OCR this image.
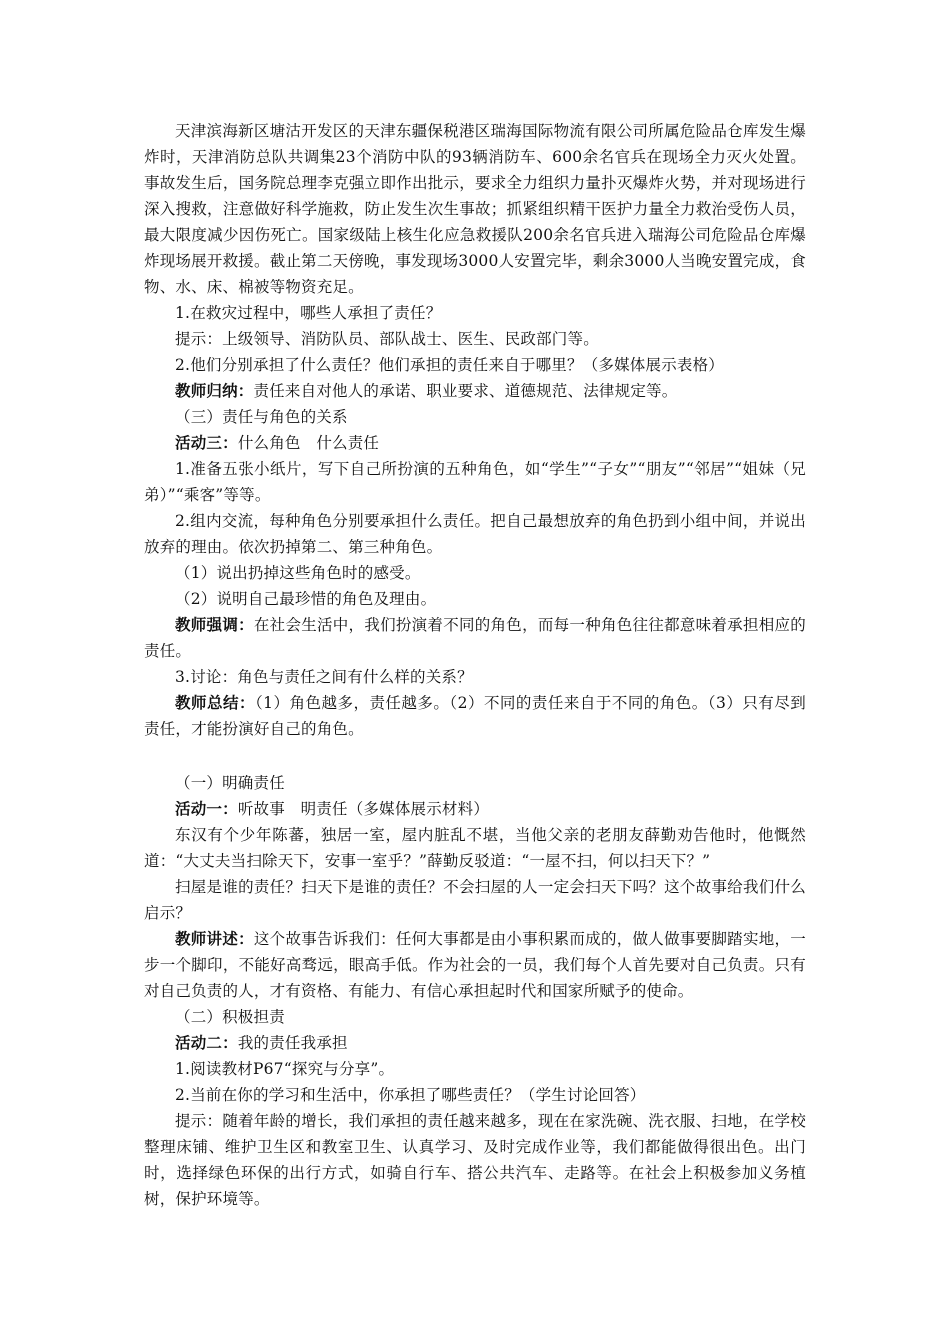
天津滨海新区塘沽开发区的天津东疆保税港区瑞海国际物流有限公司所属危险品仓库发生爆炸时，天津消防总队共调集23个消防中队的93辆消防车、600余名官兵在现场全力灭火处置。事故发生后，国务院总理李克强立即作出批示，要求全力组织力量扑灭爆炸火势，并对现场进行深入搜救，注意做好科学施救，防止发生次生事故；抓紧组织精干医护力量全力救治受伤人员，最大限度减少因伤死亡。国家级陆上核生化应急救援队200余名官兵进入瑞海公司危险品仓库爆炸现场展开救援。截止第二天傍晚，事发现场3000人安置完毕，剩余3000人当晚安置完成，食物、水、床、棉被等物资充足。

1.在救灾过程中，哪些人承担了责任？

提示：上级领导、消防队员、部队战士、医生、民政部门等。

2.他们分别承担了什么责任？他们承担的责任来自于哪里？（多媒体展示表格）

教师归纳：责任来自对他人的承诺、职业要求、道德规范、法律规定等。

（三）责任与角色的关系

活动三：什么角色　什么责任

1.准备五张小纸片，写下自己所扮演的五种角色，如“学生”“子女”“朋友”“邻居”“姐妹（兄弟）”“乘客”等等。

2.组内交流，每种角色分别要承担什么责任。把自己最想放弃的角色扔到小组中间，并说出放弃的理由。依次扔掉第二、第三种角色。

（1）说出扔掉这些角色时的感受。

（2）说明自己最珍惜的角色及理由。

教师强调：在社会生活中，我们扮演着不同的角色，而每一种角色往往都意味着承担相应的责任。

3.讨论：角色与责任之间有什么样的关系？

教师总结：（1）角色越多，责任越多。（2）不同的责任来自于不同的角色。（3）只有尽到责任，才能扮演好自己的角色。

（一）明确责任

活动一：听故事　明责任（多媒体展示材料）

东汉有个少年陈蕃，独居一室，屋内脏乱不堪，当他父亲的老朋友薛勤劝告他时，他慨然道：“大丈夫当扫除天下，安事一室乎？”薛勤反驳道：“一屋不扫，何以扫天下？”

扫屋是谁的责任？扫天下是谁的责任？不会扫屋的人一定会扫天下吗？这个故事给我们什么启示？

教师讲述：这个故事告诉我们：任何大事都是由小事积累而成的，做人做事要脚踏实地，一步一个脚印，不能好高骛远，眼高手低。作为社会的一员，我们每个人首先要对自己负责。只有对自己负责的人，才有资格、有能力、有信心承担起时代和国家所赋予的使命。

（二）积极担责

活动二：我的责任我承担

1.阅读教材P67“探究与分享”。

2.当前在你的学习和生活中，你承担了哪些责任？（学生讨论回答）

提示：随着年龄的增长，我们承担的责任越来越多，现在在家洗碗、洗衣服、扫地，在学校整理床铺、维护卫生区和教室卫生、认真学习、及时完成作业等，我们都能做得很出色。出门时，选择绿色环保的出行方式，如骑自行车、搭公共汽车、走路等。在社会上积极参加义务植树，保护环境等。
